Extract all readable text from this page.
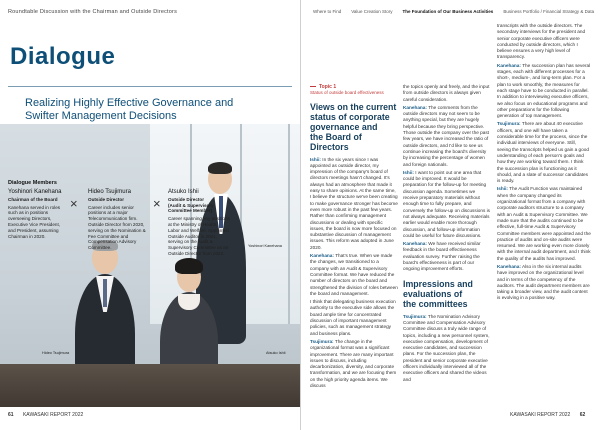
Roundtable Discussion with the Chairman and Outside Directors
Dialogue
Realizing Highly Effective Governance and
Swifter Management Decisions
Yoshinori Kanehana
Hideo Tsujimura	Atsuko Ishii
Dialogue Members
Yoshinori Kanehana
Chairman of the Board
Kanehana served in roles such as in positions overseeing Directors, Executive Vice President, and President, assuming Chairman in 2020.
×
Hideo Tsujimura
Outside Director
Career includes senior positions at a major Telecommunication firm. Outside Director from 2020, serving on the Nomination & Fee Committee and Compensation Advisory Committee.
×
Atsuko Ishii
Outside Director
(Audit & Supervisory Committee Member)
Career spanning key positions at the Ministry of Health, Labor and Welfare. Appointed Outside Auditor in 2021, serving on the Audit & Supervisory Committee as an Outside Director from 2022.
61 KAWASAKI REPORT 2022
Where to Find Value Creation Story The Foundation of Our Business Activities Business Portfolio / Financial Strategy & Data
Topic 1
Status of outside board effectiveness
Views on the current
status of corporate
governance and
the Board of Directors

Ishii: In the six years since I was appointed as outside director, my impression of the company's board of directors meetings hasn't changed. It's always had an atmosphere that made it easy to share opinions. At the same time, I believe the structure we've been creating to make governance stronger has become even more robust in the past few years. Rather than confirming management discussions or dealing with specific issues, the board is now more focused on substantive discussion of management issues. This reform was adopted in June 2020.

Kanehana: That's true. When we made the changes, we transitioned to a company with an Audit & Supervisory Committee format. We have reduced the number of directors on the board and strengthened the division of roles between the board and management.

I think that delegating business execution authority to the executive side allows the board ample time for concentrated discussion of important management policies, such as management strategy and business plans.

Tsujimura: The change in the organizational format was a significant improvement. There are many important issues to discuss, including decarbonization, diversity, and corporate transformation, and we are focusing them on the high priority agenda items. We discuss

the topics openly and freely, and the input from outside directors is always given careful consideration.

Kanehana: The comments from the outside directors may not seem to be anything special, but they are hugely helpful because they bring perspective. Those outside the company over the past few years, we have increased the ratio of outside directors, and I'd like to see us continue increasing the board's diversity by increasing the percentage of women and foreign nationals.

Ishii: I want to point out one area that could be improved. It would be preparation for the follow-up for meeting discussion agenda. Sometimes we receive preparatory materials without enough time to fully prepare, and conversely the follow-up on discussions is not always adequate. Receiving materials earlier would enable more thorough discussion, and follow-up information could be useful for future discussions.

Kanehana: We have received similar feedback in the board effectiveness evaluation survey. Further raising the board's effectiveness is part of our ongoing improvement efforts.

Impressions and
evaluations of
the committees

Tsujimura: The Nomination Advisory Committee and Compensation Advisory Committee discuss a truly wide range of topics, including a new personnel system, executive compensation, development of executive candidates, and succession plans. For the succession plan, the president and senior corporate executive officers individually interviewed all of the executive officers and shared the videos and

transcripts with the outside directors. The secondary interviews for the president and senior corporate executive officers were conducted by outside directors, which I believe ensures a very high level of transparency.

Kanehana: The succession plan has several stages, each with different processes for a short-, medium-, and long-term plan. For a plan to work smoothly, the measures for each stage have to be conducted in parallel. In addition to interviewing executive officers, we also focus on educational programs and other preparations for the following generation of top management.

Tsujimura: There are about 40 executive officers, and one will have taken a considerable time for the process, since the individual interviews of everyone. Still, seeing the transcripts helped us gain a good understanding of each person's goals and how they are working toward them. I think the succession plan is functioning as it should, and a slate of successor candidates is ready.

Ishii: The Audit Function was maintained when the company changed its organizational format from a company with corporate auditors structure to a company with an Audit & Supervisory Committee. We made sure that the audits continued to be effective, full-time Audit & Supervisory Committee members were appointed and the practice of audits and on-site audits were resumed. We are working even more closely with the internal audit department, and I think the quality of the audits has improved.

Kanehana: Also in the six internal audits have improved on the organizational level and in terms of the competency of the auditors. The audit department members are taking a broader view, and the audit content is evolving in a positive way.

KAWASAKI REPORT 2022 62
